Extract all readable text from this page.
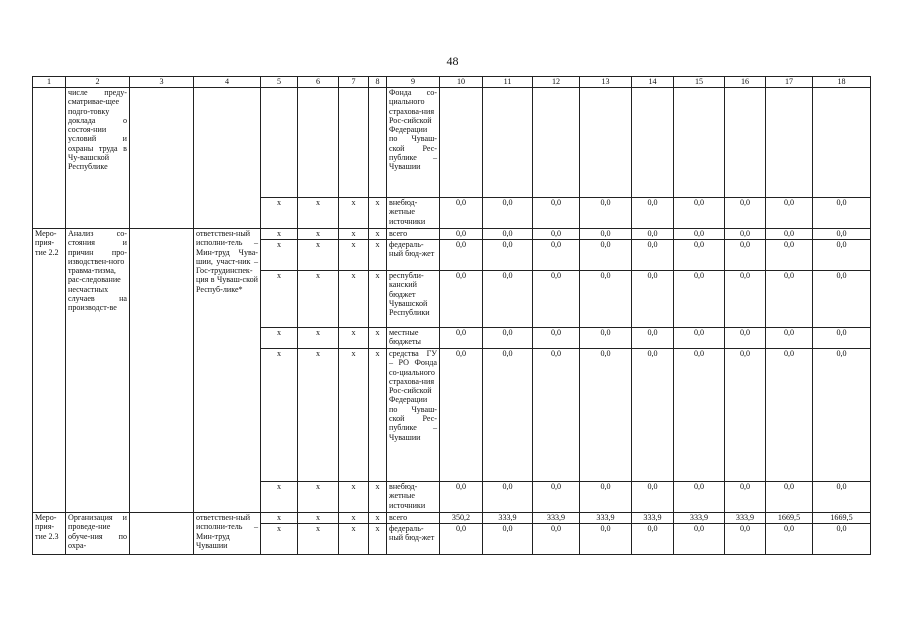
48
1	2	3	4	5	6	7	8	9	10	11	12	13	14	15	16	17	18
	числе преду-сматривае-щее подго-товку доклада о состоя-нии условий и охраны труда в Чу-вашской Республике							Фонда со-циального страхова-ния Рос-сийской Федерации по Чуваш-ской Рес-публике – Чувашии									
				х	х	х	х	внебюд-жетные источники	0,0	0,0	0,0	0,0	0,0	0,0	0,0	0,0	0,0
Меро-прия-тие 2.2	Анализ со-стояния и причин про-изводствен-ного травма-тизма, рас-следование несчастных случаев на производст-ве		ответствен-ный исполни-тель – Мин-труд Чува-шии, участ-ник – Гос-трудинспек-ция в Чуваш-ской Респуб-лике*	х	х	х	х	всего	0,0	0,0	0,0	0,0	0,0	0,0	0,0	0,0	0,0
				х	х	х	х	федераль-ный бюд-жет	0,0	0,0	0,0	0,0	0,0	0,0	0,0	0,0	0,0
				х	х	х	х	республи-канский бюджет Чувашской Республики	0,0	0,0	0,0	0,0	0,0	0,0	0,0	0,0	0,0
				х	х	х	х	местные бюджеты	0,0	0,0	0,0	0,0	0,0	0,0	0,0	0,0	0,0
				х	х	х	х	средства ГУ – РО Фонда со-циального страхова-ния Рос-сийской Федерации по Чуваш-ской Рес-публике – Чувашии	0,0	0,0	0,0	0,0	0,0	0,0	0,0	0,0	0,0
				х	х	х	х	внебюд-жетные источники	0,0	0,0	0,0	0,0	0,0	0,0	0,0	0,0	0,0
Меро-прия-тие 2.3	Организация и проведе-ние обуче-ния по охра-		ответствен-ный исполни-тель – Мин-труд Чувашии	х	х	х	х	всего	350,2	333,9	333,9	333,9	333,9	333,9	333,9	1669,5	1669,5
				х	х	х	х	федераль-ный бюд-жет	0,0	0,0	0,0	0,0	0,0	0,0	0,0	0,0	0,0
